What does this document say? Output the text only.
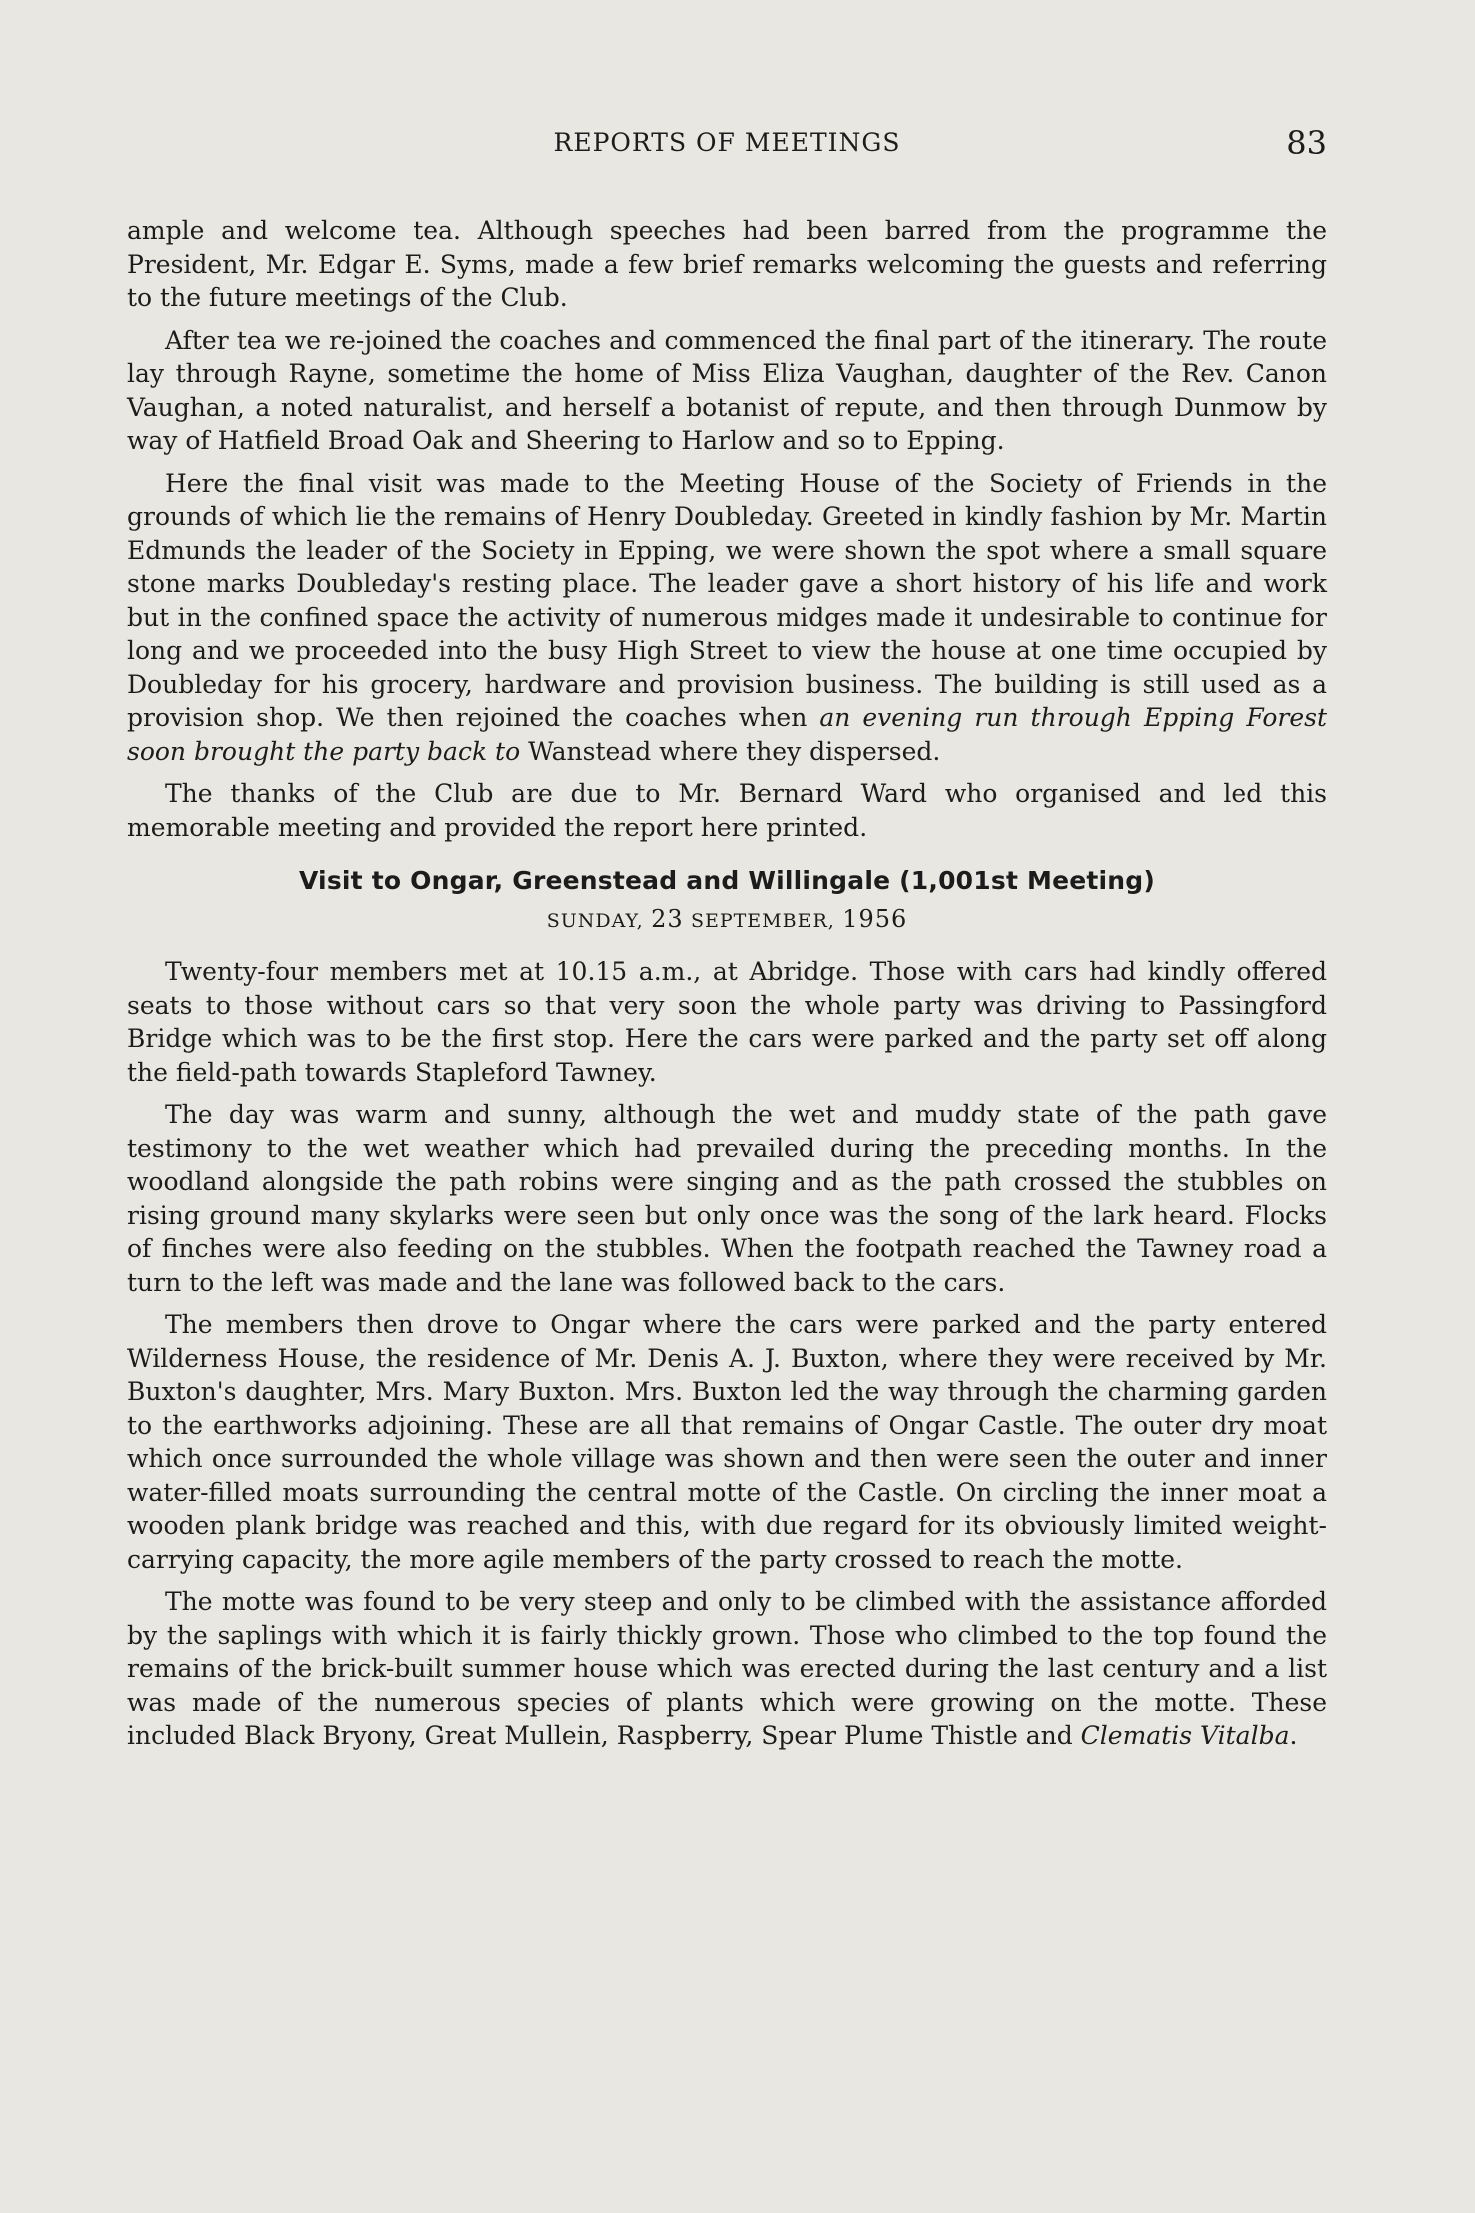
REPORTS OF MEETINGS	83

ample and welcome tea. Although speeches had been barred from the programme the President, Mr. Edgar E. Syms, made a few brief remarks welcoming the guests and referring to the future meetings of the Club.

After tea we re-joined the coaches and commenced the final part of the itinerary. The route lay through Rayne, sometime the home of Miss Eliza Vaughan, daughter of the Rev. Canon Vaughan, a noted naturalist, and herself a botanist of repute, and then through Dunmow by way of Hatfield Broad Oak and Sheering to Harlow and so to Epping.

Here the final visit was made to the Meeting House of the Society of Friends in the grounds of which lie the remains of Henry Doubleday. Greeted in kindly fashion by Mr. Martin Edmunds the leader of the Society in Epping, we were shown the spot where a small square stone marks Doubleday's resting place. The leader gave a short history of his life and work but in the confined space the activity of numerous midges made it undesirable to continue for long and we proceeded into the busy High Street to view the house at one time occupied by Doubleday for his grocery, hardware and provision business. The building is still used as a provision shop. We then rejoined the coaches when an evening run through Epping Forest soon brought the party back to Wanstead where they dispersed.

The thanks of the Club are due to Mr. Bernard Ward who organised and led this memorable meeting and provided the report here printed.

Visit to Ongar, Greenstead and Willingale (1,001st Meeting)
SUNDAY, 23 SEPTEMBER, 1956

Twenty-four members met at 10.15 a.m., at Abridge. Those with cars had kindly offered seats to those without cars so that very soon the whole party was driving to Passingford Bridge which was to be the first stop. Here the cars were parked and the party set off along the field-path towards Stapleford Tawney.

The day was warm and sunny, although the wet and muddy state of the path gave testimony to the wet weather which had prevailed during the preceding months. In the woodland alongside the path robins were singing and as the path crossed the stubbles on rising ground many skylarks were seen but only once was the song of the lark heard. Flocks of finches were also feeding on the stubbles. When the footpath reached the Tawney road a turn to the left was made and the lane was followed back to the cars.

The members then drove to Ongar where the cars were parked and the party entered Wilderness House, the residence of Mr. Denis A. J. Buxton, where they were received by Mr. Buxton's daughter, Mrs. Mary Buxton. Mrs. Buxton led the way through the charming garden to the earthworks adjoining. These are all that remains of Ongar Castle. The outer dry moat which once surrounded the whole village was shown and then were seen the outer and inner water-filled moats surrounding the central motte of the Castle. On circling the inner moat a wooden plank bridge was reached and this, with due regard for its obviously limited weight-carrying capacity, the more agile members of the party crossed to reach the motte.

The motte was found to be very steep and only to be climbed with the assistance afforded by the saplings with which it is fairly thickly grown. Those who climbed to the top found the remains of the brick-built summer house which was erected during the last century and a list was made of the numerous species of plants which were growing on the motte. These included Black Bryony, Great Mullein, Raspberry, Spear Plume Thistle and Clematis Vitalba.
